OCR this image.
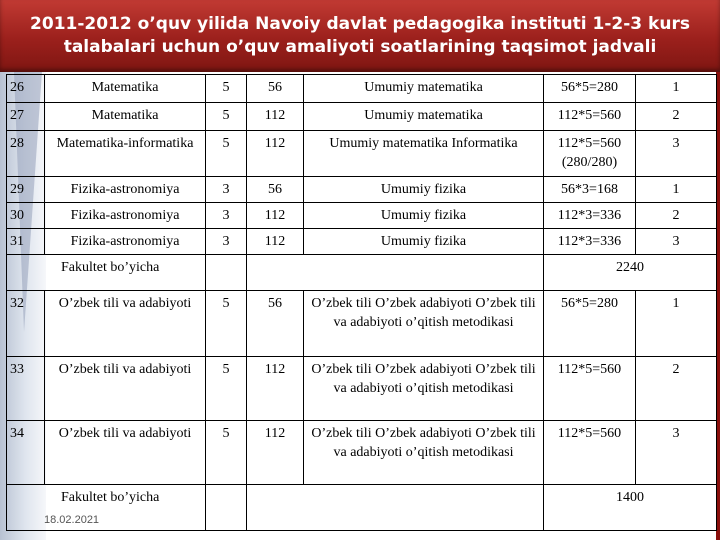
2011-2012 o’quv yilida Navoiy davlat pedagogika instituti 1-2-3 kurs
talabalari uchun o’quv amaliyoti soatlarining taqsimot jadvali
26	Matematika	5	56	Umumiy matematika	56*5=280	1
27	Matematika	5	112	Umumiy matematika	112*5=560	2
28	Matematika-informatika	5	112	Umumiy matematika Informatika	112*5=560 (280/280)	3
29	Fizika-astronomiya	3	56	Umumiy fizika	56*3=168	1
30	Fizika-astronomiya	3	112	Umumiy fizika	112*3=336	2
31	Fizika-astronomiya	3	112	Umumiy fizika	112*3=336	3
Fakultet bo’yicha					2240	
32	O’zbek tili va adabiyoti	5	56	O’zbek tili O’zbek adabiyoti O’zbek tili va adabiyoti o’qitish metodikasi	56*5=280	1
33	O’zbek tili va adabiyoti	5	112	O’zbek tili O’zbek adabiyoti O’zbek tili va adabiyoti o’qitish metodikasi	112*5=560	2
34	O’zbek tili va adabiyoti	5	112	O’zbek tili O’zbek adabiyoti O’zbek tili va adabiyoti o’qitish metodikasi	112*5=560	3
Fakultet bo’yicha					1400	
18.02.2021
